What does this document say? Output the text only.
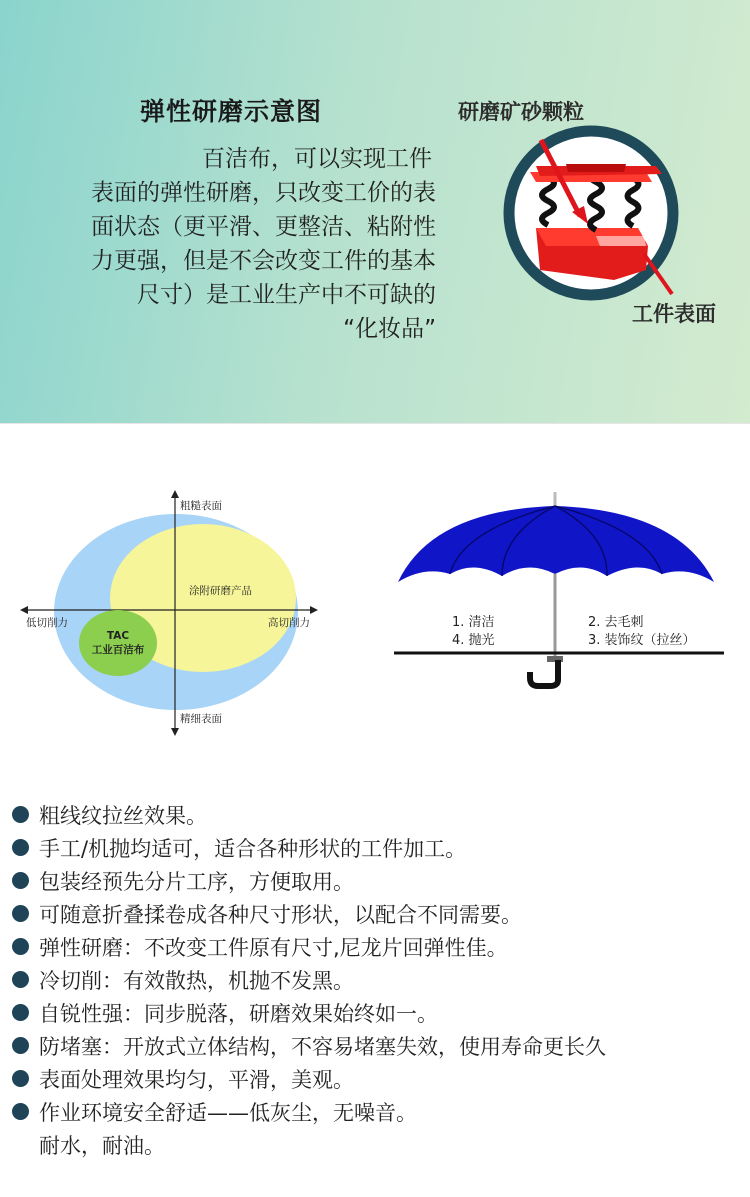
弹性研磨示意图
百洁布，可以实现工件
表面的弹性研磨，只改变工价的表
面状态（更平滑、更整洁、粘附性
力更强，但是不会改变工件的基本
尺寸）是工业生产中不可缺的
“化妆品”
研磨矿砂颗粒
工件表面
粗糙表面
精细表面
低切削力	高切削力
涂附研磨产品
TAC
工业百洁布
1. 清洁	2. 去毛刺
4. 抛光	3. 装饰纹（拉丝）
粗线纹拉丝效果。
手工/机抛均适可，适合各种形状的工件加工。
包装经预先分片工序，方便取用。
可随意折叠揉卷成各种尺寸形状，以配合不同需要。
弹性研磨：不改变工件原有尺寸,尼龙片回弹性佳。
冷切削：有效散热，机抛不发黑。
自锐性强：同步脱落，研磨效果始终如一。
防堵塞：开放式立体结构，不容易堵塞失效，使用寿命更长久
表面处理效果均匀，平滑，美观。
作业环境安全舒适——低灰尘，无噪音。
耐水，耐油。
